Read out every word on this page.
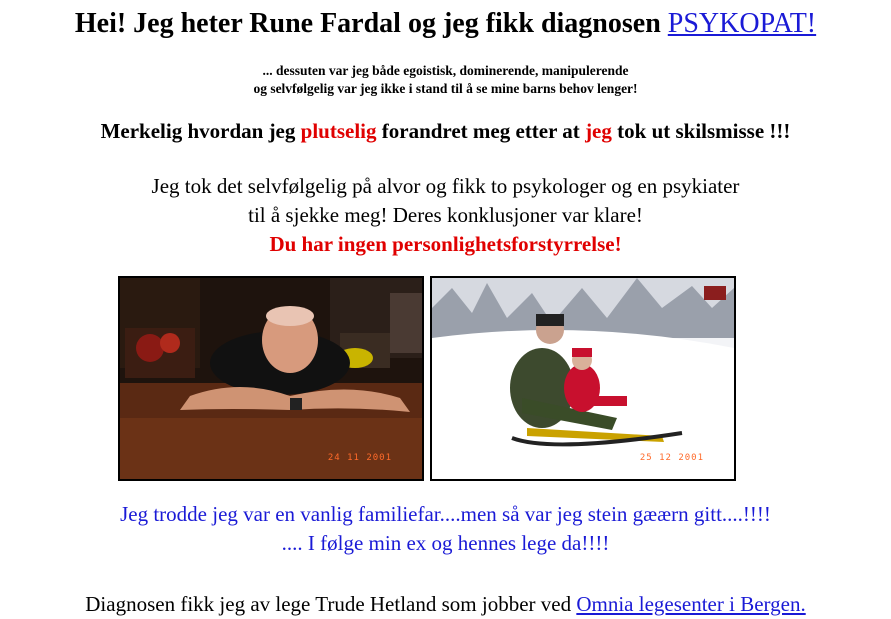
Hei! Jeg heter Rune Fardal og jeg fikk diagnosen PSYKOPAT!
... dessuten var jeg både egoistisk, dominerende, manipulerende
og selvfølgelig var jeg ikke i stand til å se mine barns behov lenger!
Merkelig hvordan jeg plutselig forandret meg etter at jeg tok ut skilsmisse !!!
Jeg tok det selvfølgelig på alvor og fikk to psykologer og en psykiater
til å sjekke meg! Deres konklusjoner var klare!
Du har ingen personlighetsforstyrrelse!
24 11 2001	25 12 2001
Jeg trodde jeg var en vanlig familiefar....men så var jeg stein gæærn gitt....!!!!
.... I følge min ex og hennes lege da!!!!
Diagnosen fikk jeg av lege Trude Hetland som jobber ved Omnia legesenter i Bergen.
